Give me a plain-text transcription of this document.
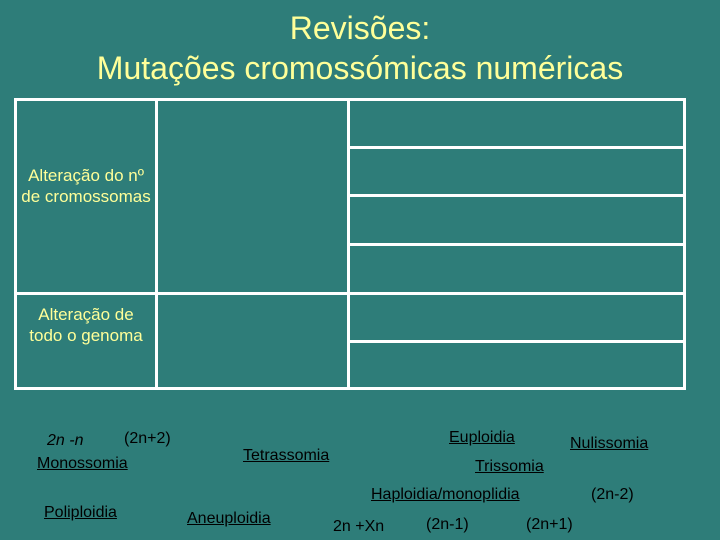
Revisões:
Mutações cromossómicas numéricas
Alteração do nº de cromossomas
Alteração de todo o genoma
2n -n	(2n+2)
Monossomia
Poliploidia	Aneuploidia
Tetrassomia
Euploidia
Trissomia
Nulissomia
Haploidia/monoplidia	(2n-2)
2n +Xn	(2n-1)	(2n+1)
